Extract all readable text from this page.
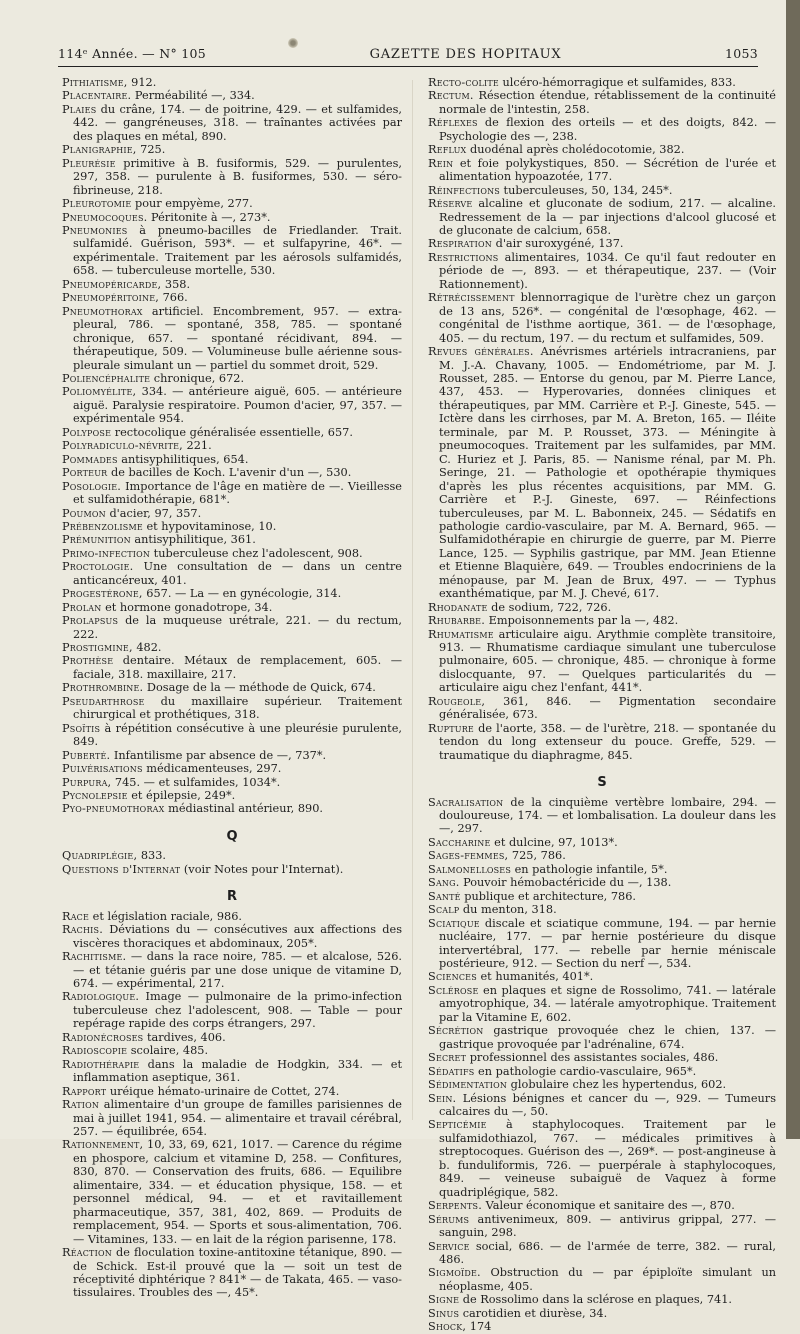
114ᵉ Année. — N° 105	GAZETTE DES HOPITAUX	1053

Pithiatisme, 912.

Placentaire. Perméabilité —, 334.

Plaies du crâne, 174. — de poitrine, 429. — et sulfamides, 442. — gangréneuses, 318. — traînantes activées par des plaques en métal, 890.

Planigraphie, 725.

Pleurésie primitive à B. fusiformis, 529. — purulentes, 297, 358. — purulente à B. fusiformes, 530. — séro-fibrineuse, 218.

Pleurotomie pour empyème, 277.

Pneumocoques. Péritonite à —, 273*.

Pneumonies à pneumo-bacilles de Friedlander. Trait. sulfamidé. Guérison, 593*. — et sulfapyrine, 46*. — expérimentale. Traitement par les aérosols sulfamidés, 658. — tuberculeuse mortelle, 530.

Pneumopéricarde, 358.

Pneumopéritoine, 766.

Pneumothorax artificiel. Encombrement, 957. — extra-pleural, 786. — spontané, 358, 785. — spontané chronique, 657. — spontané récidivant, 894. — thérapeutique, 509. — Volumineuse bulle aérienne sous-pleurale simulant un — partiel du sommet droit, 529.

Poliencéphalite chronique, 672.

Poliomyélite, 334. — antérieure aiguë, 605. — antérieure aiguë. Paralysie respiratoire. Poumon d'acier, 97, 357. — expérimentale 954.

Polypose rectocolique généralisée essentielle, 657.

Polyradiculo-névrite, 221.

Pommades antisyphilitiques, 654.

Porteur de bacilles de Koch. L'avenir d'un —, 530.

Posologie. Importance de l'âge en matière de —. Vieillesse et sulfamidothérapie, 681*.

Poumon d'acier, 97, 357.

Prébenzolisme et hypovitaminose, 10.

Prémunition antisyphilitique, 361.

Primo-infection tuberculeuse chez l'adolescent, 908.

Proctologie. Une consultation de — dans un centre anticancéreux, 401.

Progestérone, 657. — La — en gynécologie, 314.

Prolan et hormone gonadotrope, 34.

Prolapsus de la muqueuse urétrale, 221. — du rectum, 222.

Prostigmine, 482.

Prothèse dentaire. Métaux de remplacement, 605. — faciale, 318. maxillaire, 217.

Prothrombine. Dosage de la — méthode de Quick, 674.

Pseudarthrose du maxillaire supérieur. Traitement chirurgical et prothétiques, 318.

Psoïtis à répétition consécutive à une pleurésie purulente, 849.

Puberté. Infantilisme par absence de —, 737*.

Pulvérisations médicamenteuses, 297.

Purpura, 745. — et sulfamides, 1034*.

Pycnolepsie et épilepsie, 249*.

Pyo-pneumothorax médiastinal antérieur, 890.

Q

Quadriplégie, 833.

Questions d'Internat (voir Notes pour l'Internat).

R

Race et législation raciale, 986.

Rachis. Déviations du — consécutives aux affections des viscères thoraciques et abdominaux, 205*.

Rachitisme. — dans la race noire, 785. — et alcalose, 526. — et tétanie guéris par une dose unique de vitamine D, 674. — expérimental, 217.

Radiologique. Image — pulmonaire de la primo-infection tuberculeuse chez l'adolescent, 908. — Table — pour repérage rapide des corps étrangers, 297.

Radionécroses tardives, 406.

Radioscopie scolaire, 485.

Radiothérapie dans la maladie de Hodgkin, 334. — et inflammation aseptique, 361.

Rapport uréique hémato-urinaire de Cottet, 274.

Ration alimentaire d'un groupe de familles parisiennes de mai à juillet 1941, 954. — alimentaire et travail cérébral, 257. — équilibrée, 654.

Rationnement, 10, 33, 69, 621, 1017. — Carence du régime en phospore, calcium et vitamine D, 258. — Confitures, 830, 870. — Conservation des fruits, 686. — Equilibre alimentaire, 334. — et éducation physique, 158. — et personnel médical, 94. — et et ravitaillement pharmaceutique, 357, 381, 402, 869. — Produits de remplacement, 954. — Sports et sous-alimentation, 706. — Vitamines, 133. — en lait de la région parisenne, 178.

Réaction de floculation toxine-antitoxine tétanique, 890. — de Schick. Est-il prouvé que la — soit un test de réceptivité diphtérique ? 841* — de Takata, 465. — vaso-tissulaires. Troubles des —, 45*.

Recto-colite ulcéro-hémorragique et sulfamides, 833.

Rectum. Résection étendue, rétablissement de la continuité normale de l'intestin, 258.

Réflexes de flexion des orteils — et des doigts, 842. — Psychologie des —, 238.

Reflux duodénal après cholédocotomie, 382.

Rein et foie polykystiques, 850. — Sécrétion de l'urée et alimentation hypoazotée, 177.

Réinfections tuberculeuses, 50, 134, 245*.

Réserve alcaline et gluconate de sodium, 217. — alcaline. Redressement de la — par injections d'alcool glucosé et de gluconate de calcium, 658.

Respiration d'air suroxygéné, 137.

Restrictions alimentaires, 1034. Ce qu'il faut redouter en période de —, 893. — et thérapeutique, 237. — (Voir Rationnement).

Rétrécissement blennorragique de l'urètre chez un garçon de 13 ans, 526*. — congénital de l'œsophage, 462. — congénital de l'isthme aortique, 361. — de l'œsophage, 405. — du rectum, 197. — du rectum et sulfamides, 509.

Revues générales. Anévrismes artériels intracraniens, par M. J.-A. Chavany, 1005. — Endométriome, par M. J. Rousset, 285. — Entorse du genou, par M. Pierre Lance, 437, 453. — Hyperovaries, données cliniques et thérapeutiques, par MM. Carrière et P.-J. Gineste, 545. — Ictère dans les cirrhoses, par M. A. Breton, 165. — Iléite terminale, par M. P. Rousset, 373. — Méningite à pneumocoques. Traitement par les sulfamides, par MM. C. Huriez et J. Paris, 85. — Nanisme rénal, par M. Ph. Seringe, 21. — Pathologie et opothérapie thymiques d'après les plus récentes acquisitions, par MM. G. Carrière et P.-J. Gineste, 697. — Réinfections tuberculeuses, par M. L. Babonneix, 245. — Sédatifs en pathologie cardio-vasculaire, par M. A. Bernard, 965. — Sulfamidothérapie en chirurgie de guerre, par M. Pierre Lance, 125. — Syphilis gastrique, par MM. Jean Etienne et Etienne Blaquière, 649. — Troubles endocriniens de la ménopause, par M. Jean de Brux, 497. — — Typhus exanthématique, par M. J. Chevé, 617.

Rhodanate de sodium, 722, 726.

Rhubarbe. Empoisonnements par la —, 482.

Rhumatisme articulaire aigu. Arythmie complète transitoire, 913. — Rhumatisme cardiaque simulant une tuberculose pulmonaire, 605. — chronique, 485. — chronique à forme dislocquante, 97. — Quelques particularités du — articulaire aigu chez l'enfant, 441*.

Rougeole, 361, 846. — Pigmentation secondaire généralisée, 673.

Rupture de l'aorte, 358. — de l'urètre, 218. — spontanée du tendon du long extenseur du pouce. Greffe, 529. — traumatique du diaphragme, 845.

S

Sacralisation de la cinquième vertèbre lombaire, 294. — douloureuse, 174. — et lombalisation. La douleur dans les —, 297.

Saccharine et dulcine, 97, 1013*.

Sages-femmes, 725, 786.

Salmonelloses en pathologie infantile, 5*.

Sang. Pouvoir hémobactéricide du —, 138.

Santé publique et architecture, 786.

Scalp du menton, 318.

Sciatique discale et sciatique commune, 194. — par hernie nucléaire, 177. — par hernie postérieure du disque intervertébral, 177. — rebelle par hernie méniscale postérieure, 912. — Section du nerf —, 534.

Sciences et humanités, 401*.

Sclérose en plaques et signe de Rossolimo, 741. — latérale amyotrophique, 34. — latérale amyotrophique. Traitement par la Vitamine E, 602.

Sécrétion gastrique provoquée chez le chien, 137. — gastrique provoquée par l'adrénaline, 674.

Secret professionnel des assistantes sociales, 486.

Sédatifs en pathologie cardio-vasculaire, 965*.

Sédimentation globulaire chez les hypertendus, 602.

Sein. Lésions bénignes et cancer du —, 929. — Tumeurs calcaires du —, 50.

Septicémie à staphylocoques. Traitement par le sulfamidothiazol, 767. — médicales primitives à streptocoques. Guérison des —, 269*. — post-angineuse à b. funduliformis, 726. — puerpérale à staphylocoques, 849. — veineuse subaiguë de Vaquez à forme quadriplégique, 582.

Serpents. Valeur économique et sanitaire des —, 870.

Sérums antivenimeux, 809. — antivirus grippal, 277. — sanguin, 298.

Service social, 686. — de l'armée de terre, 382. — rural, 486.

Sigmoïde. Obstruction du — par épiploïte simulant un néoplasme, 405.

Signe de Rossolimo dans la sclérose en plaques, 741.

Sinus carotidien et diurèse, 34.

Shock, 174
